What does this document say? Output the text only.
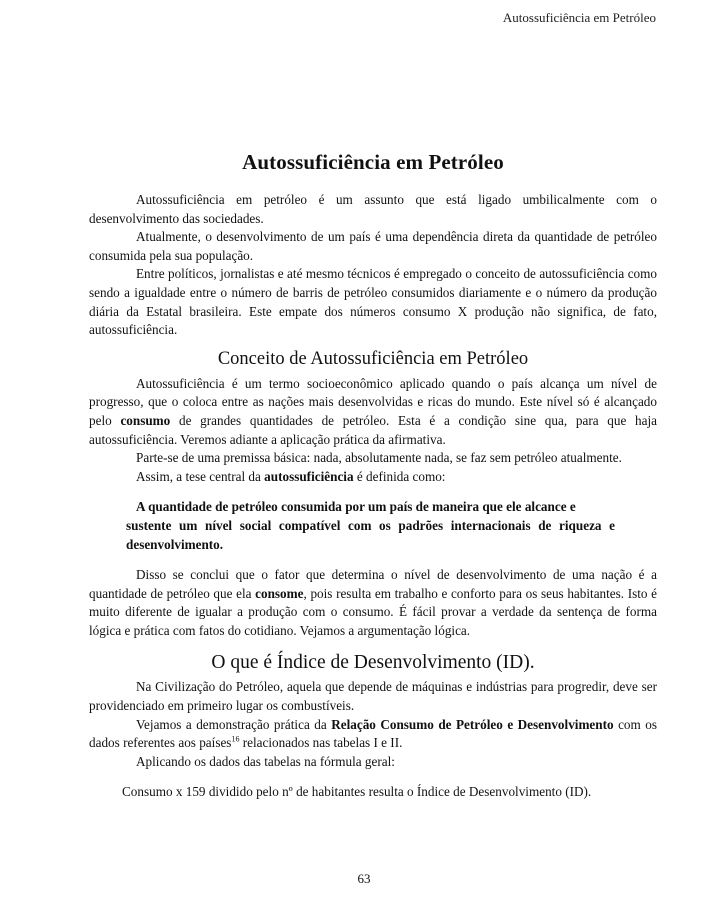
Autossuficiência em Petróleo
Autossuficiência em Petróleo

Autossuficiência em petróleo é um assunto que está ligado umbilicalmente com o desenvolvimento das sociedades.

Atualmente, o desenvolvimento de um país é uma dependência direta da quantidade de petróleo consumida pela sua população.

Entre políticos, jornalistas e até mesmo técnicos é empregado o conceito de autossuficiência como sendo a igualdade entre o número de barris de petróleo consumidos diariamente e o número da produção diária da Estatal brasileira. Este empate dos números consumo X produção não significa, de fato, autossuficiência.

Conceito de Autossuficiência em Petróleo

Autossuficiência é um termo socioeconômico aplicado quando o país alcança um nível de progresso, que o coloca entre as nações mais desenvolvidas e ricas do mundo. Este nível só é alcançado pelo consumo de grandes quantidades de petróleo. Esta é a condição sine qua, para que haja autossuficiência. Veremos adiante a aplicação prática da afirmativa.

Parte-se de uma premissa básica: nada, absolutamente nada, se faz sem petróleo atualmente.

Assim, a tese central da autossuficiência é definida como:

A quantidade de petróleo consumida por um país de maneira que ele alcance e
sustente um nível social compatível com os padrões internacionais de riqueza e desenvolvimento.

Disso se conclui que o fator que determina o nível de desenvolvimento de uma nação é a quantidade de petróleo que ela consome, pois resulta em trabalho e conforto para os seus habitantes. Isto é muito diferente de igualar a produção com o consumo. É fácil provar a verdade da sentença de forma lógica e prática com fatos do cotidiano. Vejamos a argumentação lógica.

O que é Índice de Desenvolvimento (ID).

Na Civilização do Petróleo, aquela que depende de máquinas e indústrias para progredir, deve ser providenciado em primeiro lugar os combustíveis.

Vejamos a demonstração prática da Relação Consumo de Petróleo e Desenvolvimento com os dados referentes aos países$^{16}$ relacionados nas tabelas I e II.

Aplicando os dados das tabelas na fórmula geral:

Consumo x 159 dividido pelo nº de habitantes resulta o Índice de Desenvolvimento (ID).
63
